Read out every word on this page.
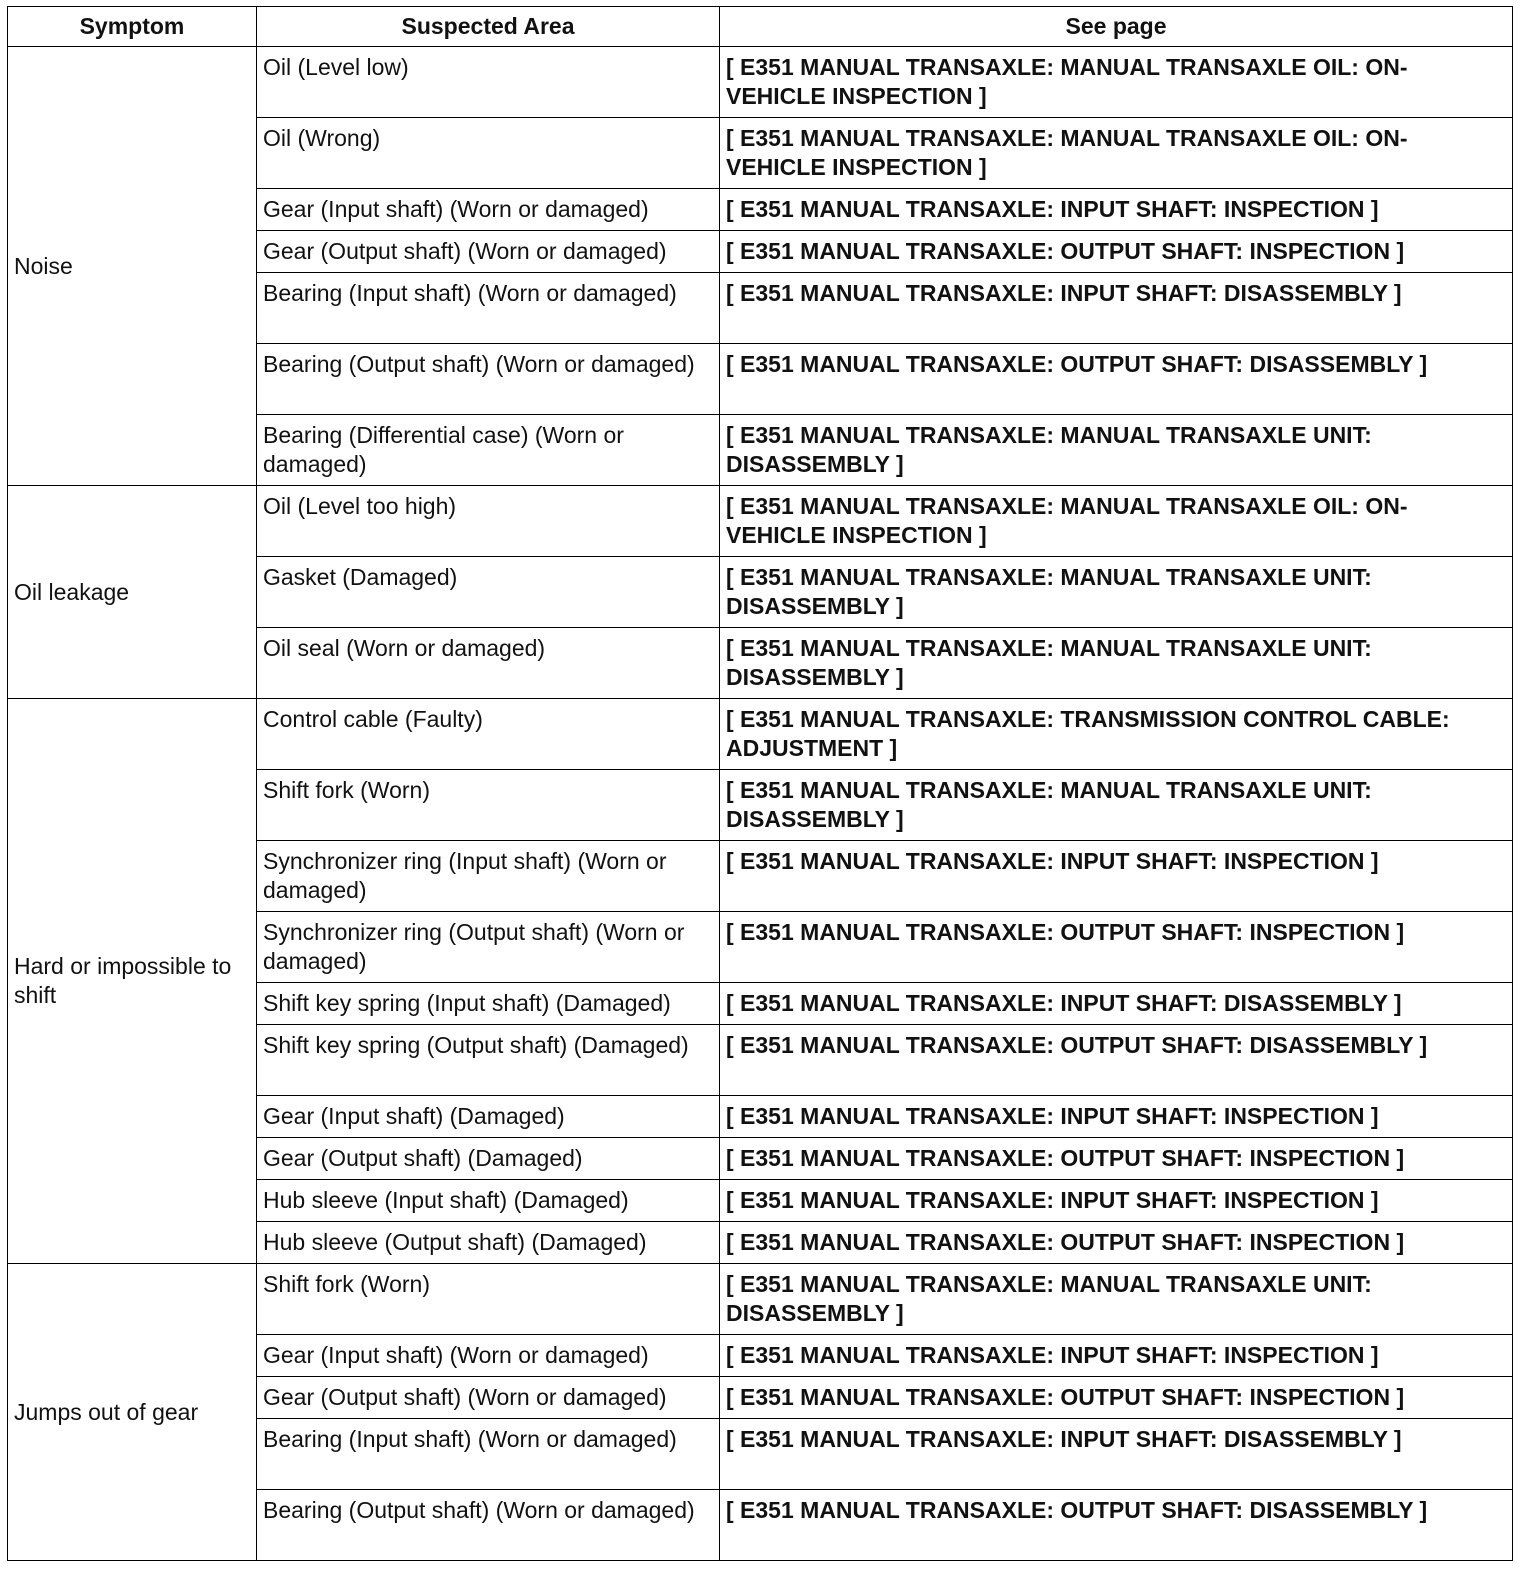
Symptom	Suspected Area	See page
Noise	Oil (Level low)	[ E351 MANUAL TRANSAXLE: MANUAL TRANSAXLE OIL: ON-VEHICLE INSPECTION ]
	Oil (Wrong)	[ E351 MANUAL TRANSAXLE: MANUAL TRANSAXLE OIL: ON-VEHICLE INSPECTION ]
	Gear (Input shaft) (Worn or damaged)	[ E351 MANUAL TRANSAXLE: INPUT SHAFT: INSPECTION ]
	Gear (Output shaft) (Worn or damaged)	[ E351 MANUAL TRANSAXLE: OUTPUT SHAFT: INSPECTION ]
	Bearing (Input shaft) (Worn or damaged)	[ E351 MANUAL TRANSAXLE: INPUT SHAFT: DISASSEMBLY ]
	Bearing (Output shaft) (Worn or damaged)	[ E351 MANUAL TRANSAXLE: OUTPUT SHAFT: DISASSEMBLY ]
	Bearing (Differential case) (Worn or damaged)	[ E351 MANUAL TRANSAXLE: MANUAL TRANSAXLE UNIT: DISASSEMBLY ]
Oil leakage	Oil (Level too high)	[ E351 MANUAL TRANSAXLE: MANUAL TRANSAXLE OIL: ON-VEHICLE INSPECTION ]
	Gasket (Damaged)	[ E351 MANUAL TRANSAXLE: MANUAL TRANSAXLE UNIT: DISASSEMBLY ]
	Oil seal (Worn or damaged)	[ E351 MANUAL TRANSAXLE: MANUAL TRANSAXLE UNIT: DISASSEMBLY ]
Hard or impossible to shift	Control cable (Faulty)	[ E351 MANUAL TRANSAXLE: TRANSMISSION CONTROL CABLE: ADJUSTMENT ]
	Shift fork (Worn)	[ E351 MANUAL TRANSAXLE: MANUAL TRANSAXLE UNIT: DISASSEMBLY ]
	Synchronizer ring (Input shaft) (Worn or damaged)	[ E351 MANUAL TRANSAXLE: INPUT SHAFT: INSPECTION ]
	Synchronizer ring (Output shaft) (Worn or damaged)	[ E351 MANUAL TRANSAXLE: OUTPUT SHAFT: INSPECTION ]
	Shift key spring (Input shaft) (Damaged)	[ E351 MANUAL TRANSAXLE: INPUT SHAFT: DISASSEMBLY ]
	Shift key spring (Output shaft) (Damaged)	[ E351 MANUAL TRANSAXLE: OUTPUT SHAFT: DISASSEMBLY ]
	Gear (Input shaft) (Damaged)	[ E351 MANUAL TRANSAXLE: INPUT SHAFT: INSPECTION ]
	Gear (Output shaft) (Damaged)	[ E351 MANUAL TRANSAXLE: OUTPUT SHAFT: INSPECTION ]
	Hub sleeve (Input shaft) (Damaged)	[ E351 MANUAL TRANSAXLE: INPUT SHAFT: INSPECTION ]
	Hub sleeve (Output shaft) (Damaged)	[ E351 MANUAL TRANSAXLE: OUTPUT SHAFT: INSPECTION ]
Jumps out of gear	Shift fork (Worn)	[ E351 MANUAL TRANSAXLE: MANUAL TRANSAXLE UNIT: DISASSEMBLY ]
	Gear (Input shaft) (Worn or damaged)	[ E351 MANUAL TRANSAXLE: INPUT SHAFT: INSPECTION ]
	Gear (Output shaft) (Worn or damaged)	[ E351 MANUAL TRANSAXLE: OUTPUT SHAFT: INSPECTION ]
	Bearing (Input shaft) (Worn or damaged)	[ E351 MANUAL TRANSAXLE: INPUT SHAFT: DISASSEMBLY ]
	Bearing (Output shaft) (Worn or damaged)	[ E351 MANUAL TRANSAXLE: OUTPUT SHAFT: DISASSEMBLY ]
